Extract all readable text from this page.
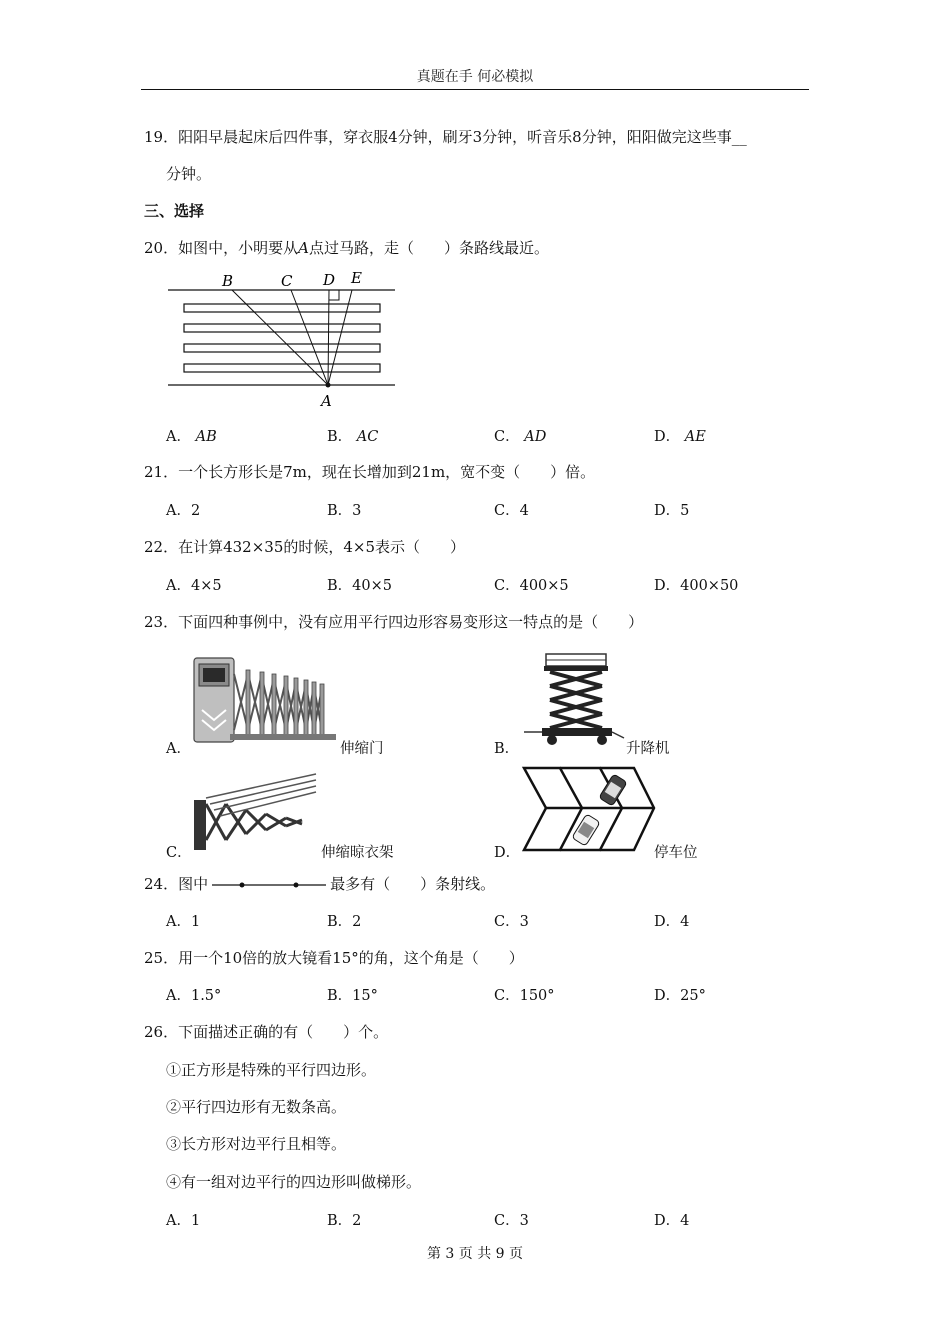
真题在手 何必模拟
19．阳阳早晨起床后四件事，穿衣服4分钟，刷牙3分钟，听音乐8分钟，阳阳做完这些事__
分钟。
三、选择
20．如图中，小明要从A点过马路，走（　　）条路线最近。
B	C D E
A
A． AB	B． AC	C． AD	D． AE
21．一个长方形长是7m，现在长增加到21m，宽不变（　　）倍。
A．2	B．3	C．4	D．5
22．在计算432×35的时候，4×5表示（　　）
A．4×5	B．40×5	C．400×5	D．400×50
23．下面四种事例中，没有应用平行四边形容易变形这一特点的是（　　）
A．	伸缩门	B．	升降机
C．	伸缩晾衣架	D．	停车位
24．图中	最多有（　　）条射线。
A．1	B．2	C．3	D．4
25．用一个10倍的放大镜看15°的角，这个角是（　　）
A．1.5°	B．15°	C．150°	D．25°
26．下面描述正确的有（　　）个。
①正方形是特殊的平行四边形。
②平行四边形有无数条高。
③长方形对边平行且相等。
④有一组对边平行的四边形叫做梯形。
A．1	B．2	C．3	D．4
第 3 页 共 9 页
